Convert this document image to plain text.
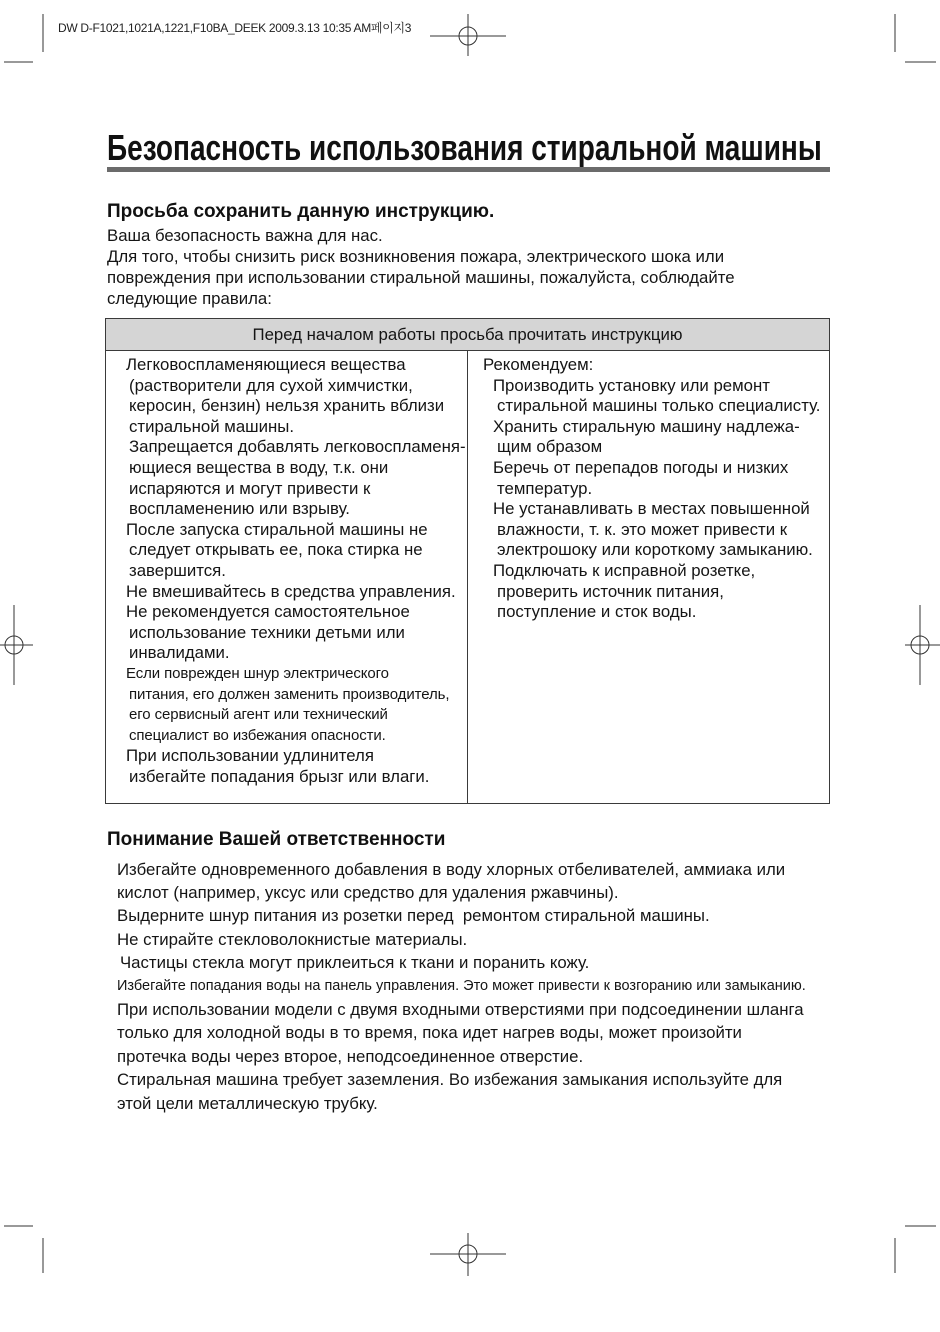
DW D-F1021,1021A,1221,F10BA_DEEK 2009.3.13 10:35 AM페이지3
Безопасность использования стиральной машины
Просьба сохранить данную инструкцию.
Ваша безопасность важна для нас.
Для того, чтобы снизить риск возникновения пожара, электрического шока или
повреждения при использовании стиральной машины, пожалуйста, соблюдайте
следующие правила:
Перед началом работы просьба прочитать инструкцию
Легковоспламеняющиеся вещества
(растворители для сухой химчистки,
керосин, бензин) нельзя хранить вблизи
стиральной машины.
Запрещается добавлять легковоспламеня-
ющиеся вещества в воду, т.к. они
испаряются и могут привести к
воспламенению или взрыву.
После запуска стиральной машины не
следует открывать ее, пока стирка не
завершится.
Не вмешивайтесь в средства управления.
Не рекомендуется самостоятельное
использование техники детьми или
инвалидами.
Если поврежден шнур электрического
питания, его должен заменить производитель,
его сервисный агент или технический
специалист во избежания опасности.
При использовании удлинителя
избегайте попадания брызг или влаги.
Рекомендуем:
Производить установку или ремонт
стиральной машины только специалисту.
Хранить стиральную машину надлежа-
щим образом
Беречь от перепадов погоды и низких
температур.
Не устанавливать в местах повышенной
влажности, т. к. это может привести к
электрошоку или короткому замыканию.
Подключать к исправной розетке,
проверить источник питания,
поступление и сток воды.
Понимание Вашей ответственности
Избегайте одновременного добавления в воду хлорных отбеливателей, аммиака или
кислот (например, уксус или средство для удаления ржавчины).
Выдерните шнур питания из розетки перед  ремонтом стиральной машины.
Не стирайте стекловолокнистые материалы.
Частицы стекла могут приклеиться к ткани и поранить кожу.
Избегайте попадания воды на панель управления. Это может привести к возгоранию или замыканию.
При использовании модели с двумя входными отверстиями при подсоединении шланга
только для холодной воды в то время, пока идет нагрев воды, может произойти
протечка воды через второе, неподсоединенное отверстие.
Стиральная машина требует заземления. Во избежания замыкания используйте для
этой цели металлическую трубку.
